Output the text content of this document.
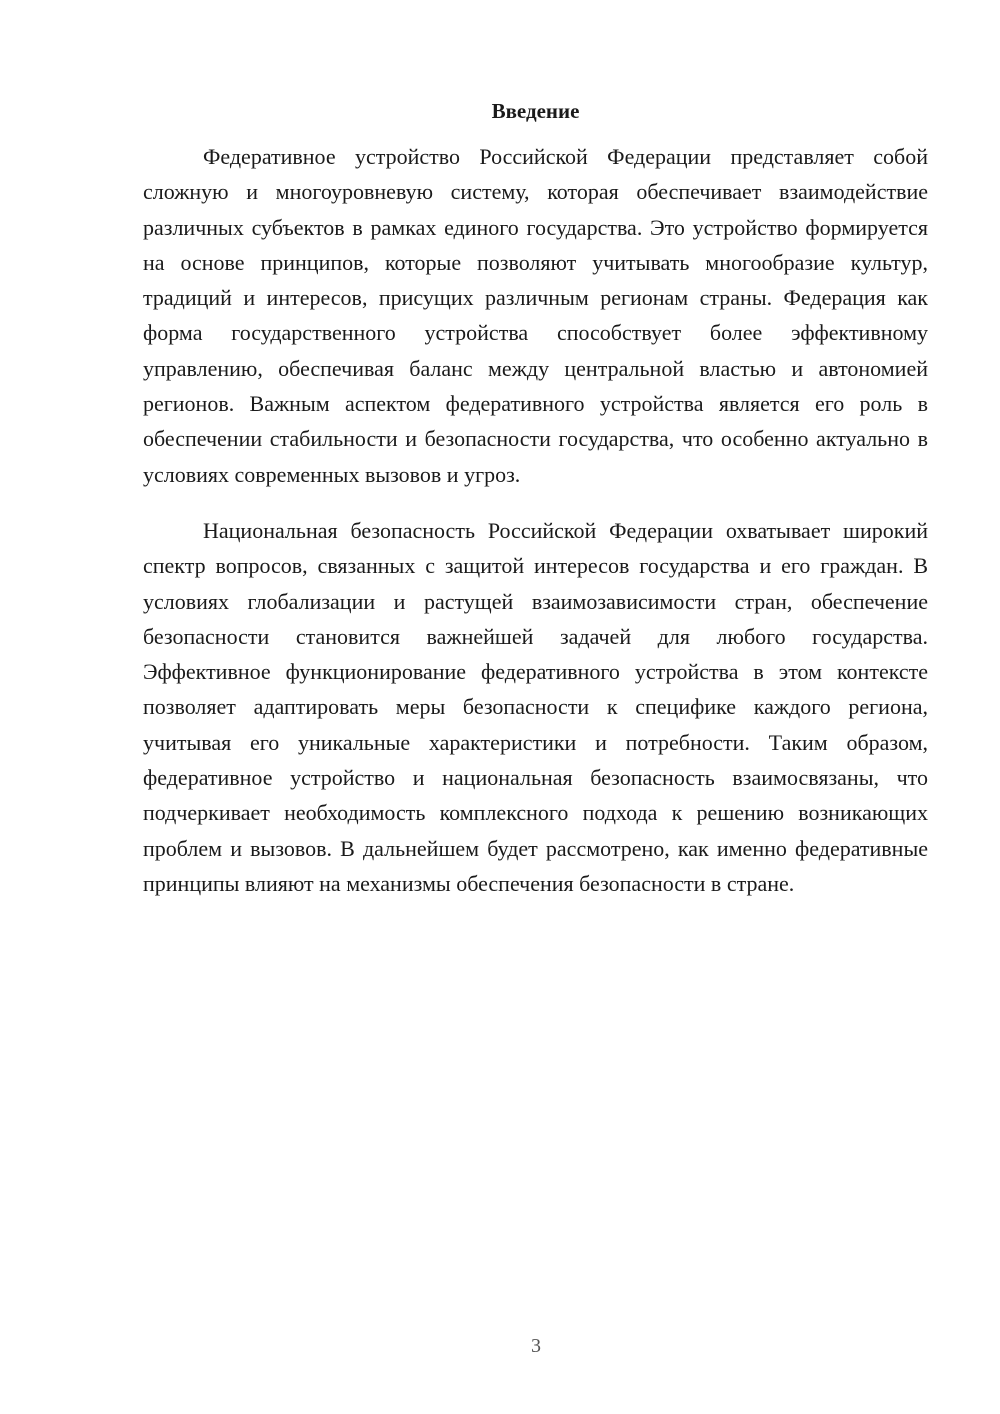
Введение

Федеративное устройство Российской Федерации представляет собой сложную и многоуровневую систему, которая обеспечивает взаимодействие различных субъектов в рамках единого государства. Это устройство формируется на основе принципов, которые позволяют учитывать многообразие культур, традиций и интересов, присущих различным регионам страны. Федерация как форма государственного устройства способствует более эффективному управлению, обеспечивая баланс между центральной властью и автономией регионов. Важным аспектом федеративного устройства является его роль в обеспечении стабильности и безопасности государства, что особенно актуально в условиях современных вызовов и угроз.

Национальная безопасность Российской Федерации охватывает широкий спектр вопросов, связанных с защитой интересов государства и его граждан. В условиях глобализации и растущей взаимозависимости стран, обеспечение безопасности становится важнейшей задачей для любого государства. Эффективное функционирование федеративного устройства в этом контексте позволяет адаптировать меры безопасности к специфике каждого региона, учитывая его уникальные характеристики и потребности. Таким образом, федеративное устройство и национальная безопасность взаимосвязаны, что подчеркивает необходимость комплексного подхода к решению возникающих проблем и вызовов. В дальнейшем будет рассмотрено, как именно федеративные принципы влияют на механизмы обеспечения безопасности в стране.

3
